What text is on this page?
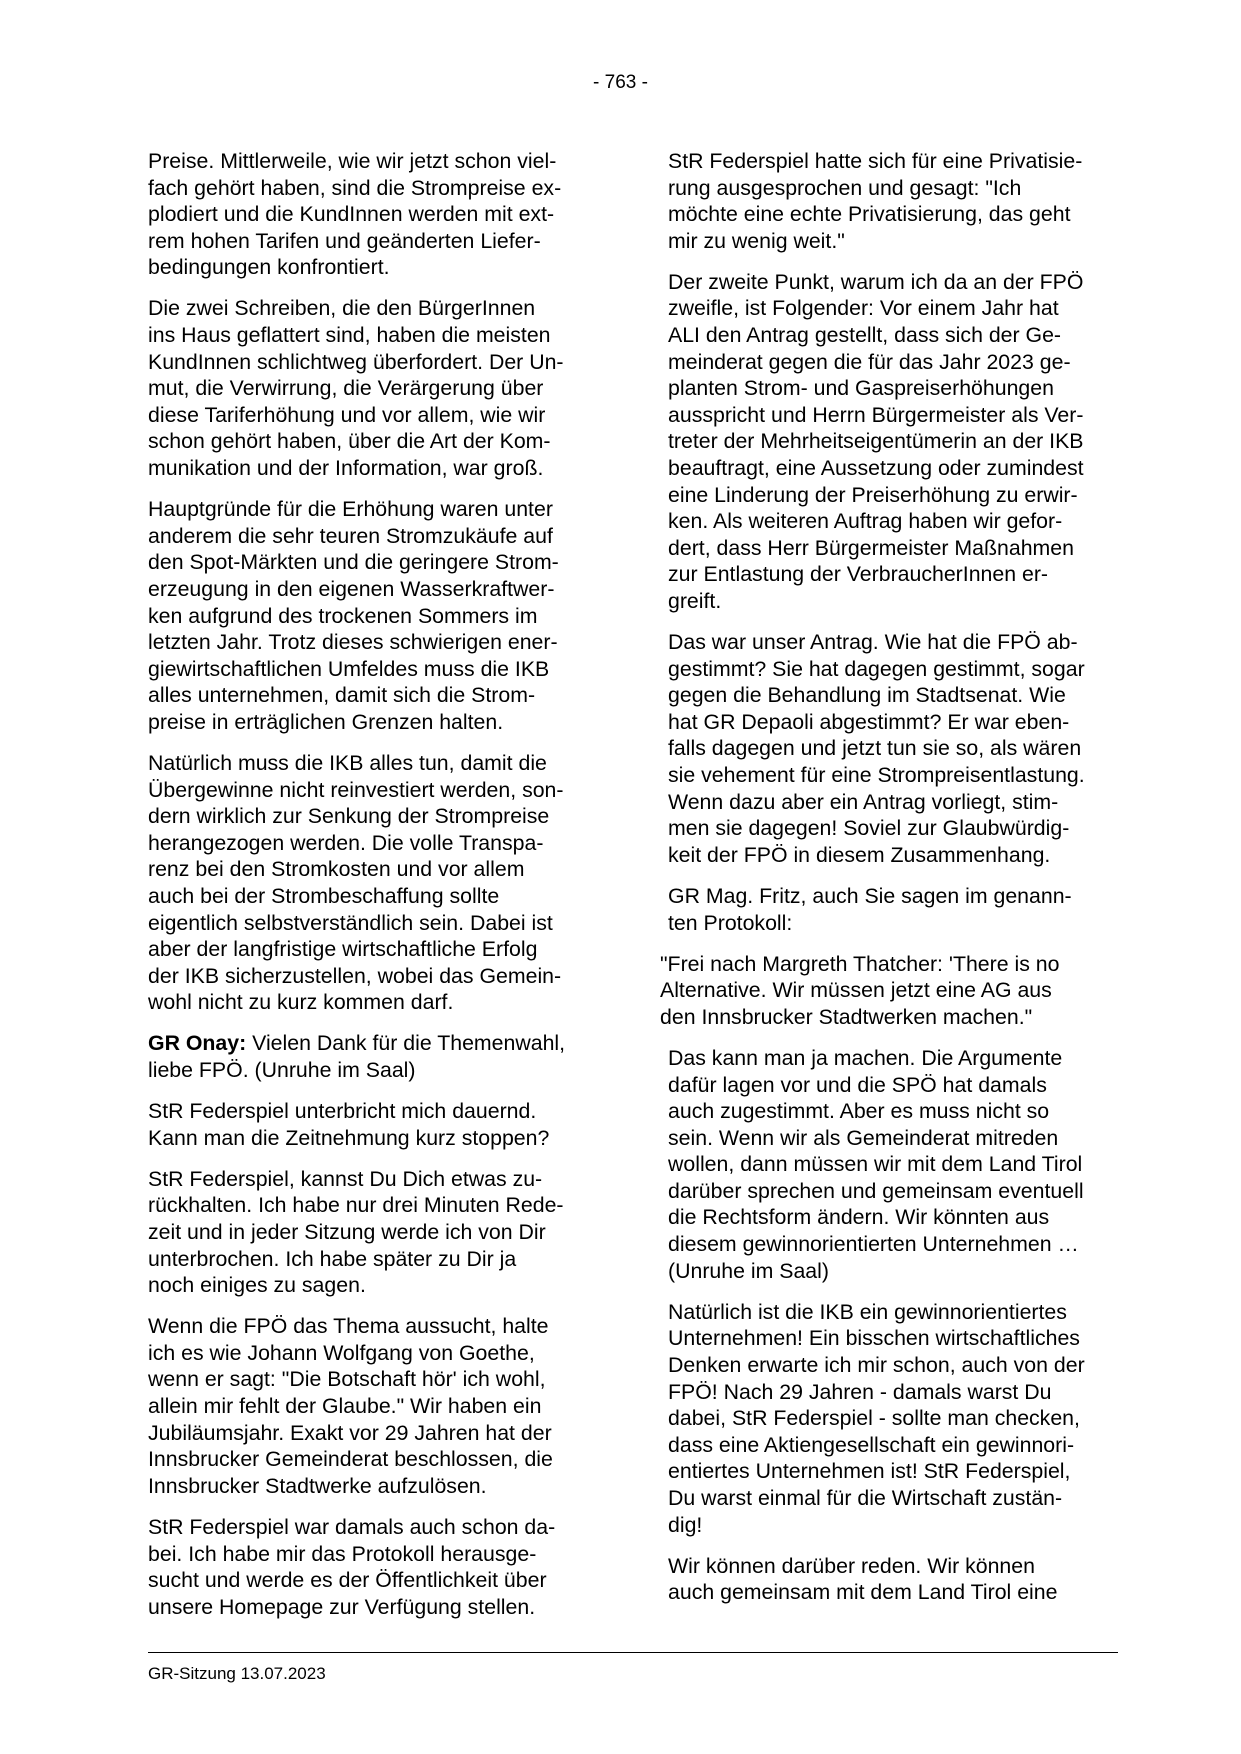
- 763 -

Preise. Mittlerweile, wie wir jetzt schon viel-
fach gehört haben, sind die Strompreise ex-
plodiert und die KundInnen werden mit ext-
rem hohen Tarifen und geänderten Liefer-
bedingungen konfrontiert.

Die zwei Schreiben, die den BürgerInnen
ins Haus geflattert sind, haben die meisten
KundInnen schlichtweg überfordert. Der Un-
mut, die Verwirrung, die Verärgerung über
diese Tariferhöhung und vor allem, wie wir
schon gehört haben, über die Art der Kom-
munikation und der Information, war groß.

Hauptgründe für die Erhöhung waren unter
anderem die sehr teuren Stromzukäufe auf
den Spot-Märkten und die geringere Strom-
erzeugung in den eigenen Wasserkraftwer-
ken aufgrund des trockenen Sommers im
letzten Jahr. Trotz dieses schwierigen ener-
giewirtschaftlichen Umfeldes muss die IKB
alles unternehmen, damit sich die Strom-
preise in erträglichen Grenzen halten.

Natürlich muss die IKB alles tun, damit die
Übergewinne nicht reinvestiert werden, son-
dern wirklich zur Senkung der Strompreise
herangezogen werden. Die volle Transpa-
renz bei den Stromkosten und vor allem
auch bei der Strombeschaffung sollte
eigentlich selbstverständlich sein. Dabei ist
aber der langfristige wirtschaftliche Erfolg
der IKB sicherzustellen, wobei das Gemein-
wohl nicht zu kurz kommen darf.

GR Onay: Vielen Dank für die Themenwahl,
liebe FPÖ. (Unruhe im Saal)

StR Federspiel unterbricht mich dauernd.
Kann man die Zeitnehmung kurz stoppen?

StR Federspiel, kannst Du Dich etwas zu-
rückhalten. Ich habe nur drei Minuten Rede-
zeit und in jeder Sitzung werde ich von Dir
unterbrochen. Ich habe später zu Dir ja
noch einiges zu sagen.

Wenn die FPÖ das Thema aussucht, halte
ich es wie Johann Wolfgang von Goethe,
wenn er sagt: "Die Botschaft hör' ich wohl,
allein mir fehlt der Glaube." Wir haben ein
Jubiläumsjahr. Exakt vor 29 Jahren hat der
Innsbrucker Gemeinderat beschlossen, die
Innsbrucker Stadtwerke aufzulösen.

StR Federspiel war damals auch schon da-
bei. Ich habe mir das Protokoll herausge-
sucht und werde es der Öffentlichkeit über
unsere Homepage zur Verfügung stellen.

StR Federspiel hatte sich für eine Privatisie-
rung ausgesprochen und gesagt: "Ich
möchte eine echte Privatisierung, das geht
mir zu wenig weit."

Der zweite Punkt, warum ich da an der FPÖ
zweifle, ist Folgender: Vor einem Jahr hat
ALI den Antrag gestellt, dass sich der Ge-
meinderat gegen die für das Jahr 2023 ge-
planten Strom- und Gaspreiserhöhungen
ausspricht und Herrn Bürgermeister als Ver-
treter der Mehrheitseigentümerin an der IKB
beauftragt, eine Aussetzung oder zumindest
eine Linderung der Preiserhöhung zu erwir-
ken. Als weiteren Auftrag haben wir gefor-
dert, dass Herr Bürgermeister Maßnahmen
zur Entlastung der VerbraucherInnen er-
greift.

Das war unser Antrag. Wie hat die FPÖ ab-
gestimmt? Sie hat dagegen gestimmt, sogar
gegen die Behandlung im Stadtsenat. Wie
hat GR Depaoli abgestimmt? Er war eben-
falls dagegen und jetzt tun sie so, als wären
sie vehement für eine Strompreisentlastung.
Wenn dazu aber ein Antrag vorliegt, stim-
men sie dagegen! Soviel zur Glaubwürdig-
keit der FPÖ in diesem Zusammenhang.

GR Mag. Fritz, auch Sie sagen im genann-
ten Protokoll:

"Frei nach Margreth Thatcher: 'There is no
Alternative. Wir müssen jetzt eine AG aus
den Innsbrucker Stadtwerken machen."

Das kann man ja machen. Die Argumente
dafür lagen vor und die SPÖ hat damals
auch zugestimmt. Aber es muss nicht so
sein. Wenn wir als Gemeinderat mitreden
wollen, dann müssen wir mit dem Land Tirol
darüber sprechen und gemeinsam eventuell
die Rechtsform ändern. Wir könnten aus
diesem gewinnorientierten Unternehmen …
(Unruhe im Saal)

Natürlich ist die IKB ein gewinnorientiertes
Unternehmen! Ein bisschen wirtschaftliches
Denken erwarte ich mir schon, auch von der
FPÖ! Nach 29 Jahren - damals warst Du
dabei, StR Federspiel - sollte man checken,
dass eine Aktiengesellschaft ein gewinnori-
entiertes Unternehmen ist! StR Federspiel,
Du warst einmal für die Wirtschaft zustän-
dig!

Wir können darüber reden. Wir können
auch gemeinsam mit dem Land Tirol eine

GR-Sitzung 13.07.2023
